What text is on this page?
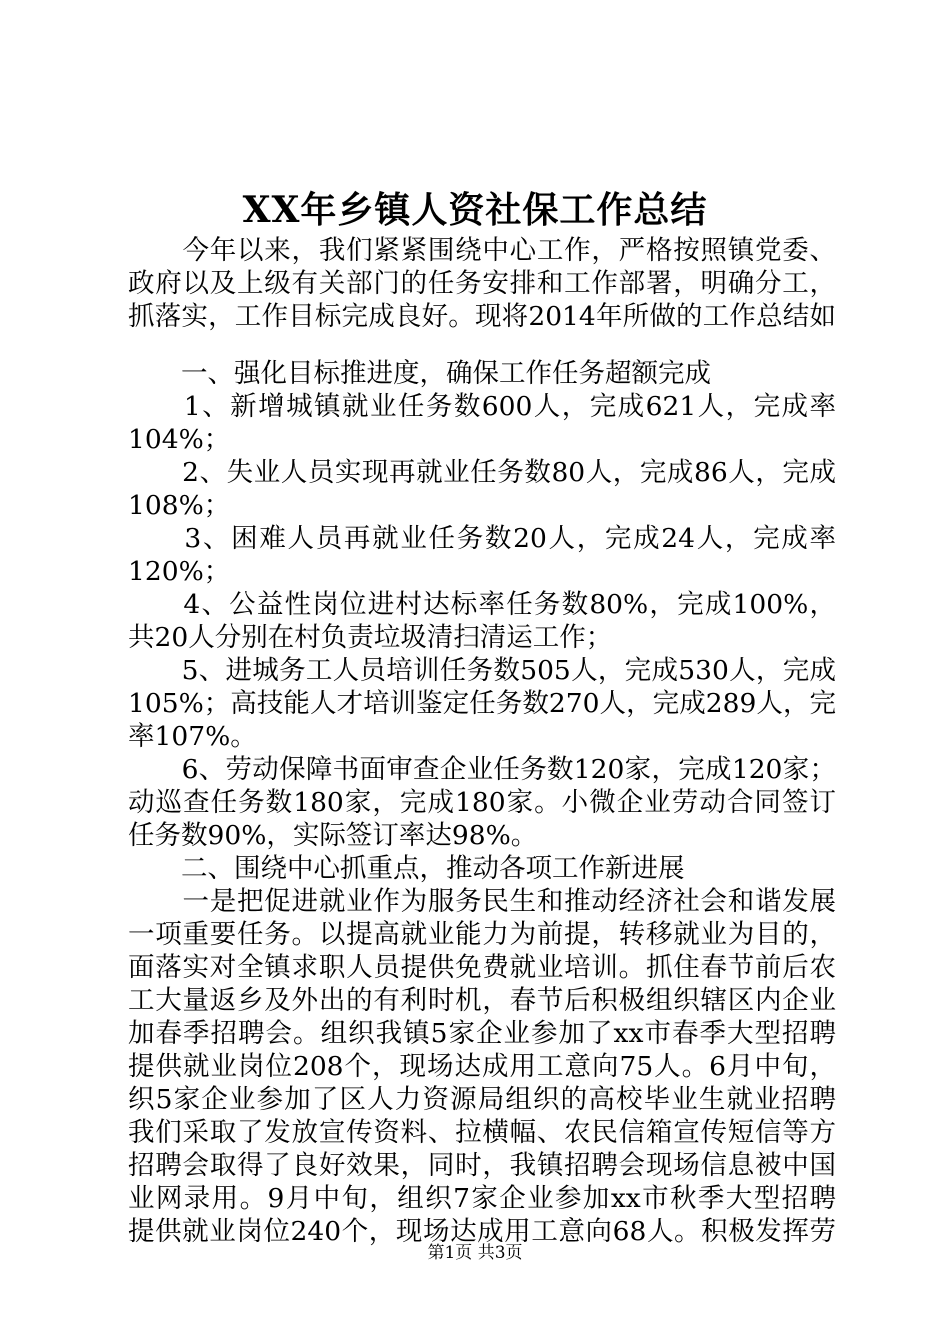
XX年乡镇人资社保工作总结
　　今年以来，我们紧紧围绕中心工作，严格按照镇党委、
政府以及上级有关部门的任务安排和工作部署，明确分工，
抓落实，工作目标完成良好。现将2014年所做的工作总结如
　　一、强化目标推进度，确保工作任务超额完成
　　1、新增城镇就业任务数600人，完成621人，完成率
104%；
　　2、失业人员实现再就业任务数80人，完成86人，完成
108%；
　　3、困难人员再就业任务数20人，完成24人，完成率
120%；
　　4、公益性岗位进村达标率任务数80%，完成100%，
共20人分别在村负责垃圾清扫清运工作；
　　5、进城务工人员培训任务数505人，完成530人，完成
105%；高技能人才培训鉴定任务数270人，完成289人，完
率107%。
　　6、劳动保障书面审查企业任务数120家，完成120家；
动巡查任务数180家，完成180家。小微企业劳动合同签订
任务数90%，实际签订率达98%。
　　二、围绕中心抓重点，推动各项工作新进展
　　一是把促进就业作为服务民生和推动经济社会和谐发展
一项重要任务。以提高就业能力为前提，转移就业为目的，
面落实对全镇求职人员提供免费就业培训。抓住春节前后农
工大量返乡及外出的有利时机，春节后积极组织辖区内企业
加春季招聘会。组织我镇5家企业参加了xx市春季大型招聘
提供就业岗位208个，现场达成用工意向75人。6月中旬，
织5家企业参加了区人力资源局组织的高校毕业生就业招聘
我们采取了发放宣传资料、拉横幅、农民信箱宣传短信等方
招聘会取得了良好效果，同时，我镇招聘会现场信息被中国
业网录用。9月中旬，组织7家企业参加xx市秋季大型招聘
提供就业岗位240个，现场达成用工意向68人。积极发挥劳
第1页 共3页
